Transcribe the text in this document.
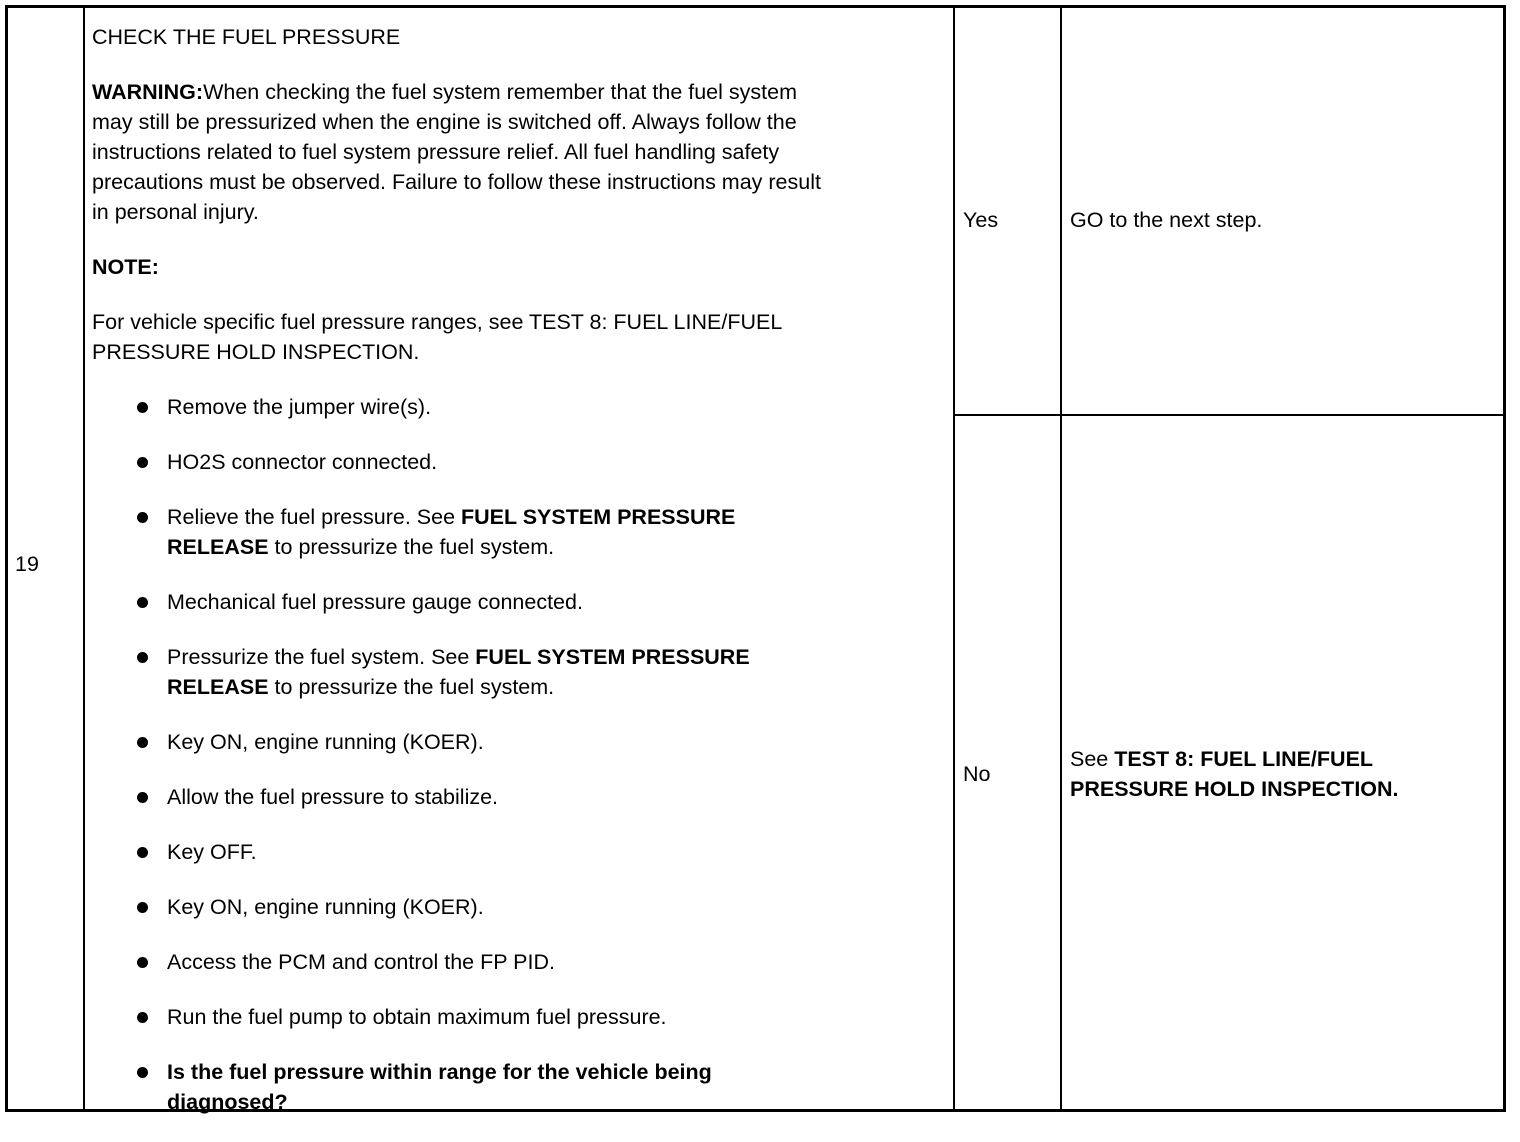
19
CHECK THE FUEL PRESSURE
WARNING:When checking the fuel system remember that the fuel system
may still be pressurized when the engine is switched off. Always follow the
instructions related to fuel system pressure relief. All fuel handling safety
precautions must be observed. Failure to follow these instructions may result
in personal injury.
NOTE:
For vehicle specific fuel pressure ranges, see TEST 8: FUEL LINE/FUEL
PRESSURE HOLD INSPECTION.
Remove the jumper wire(s).
HO2S connector connected.
Relieve the fuel pressure. See FUEL SYSTEM PRESSURE
RELEASE to pressurize the fuel system.
Mechanical fuel pressure gauge connected.
Pressurize the fuel system. See FUEL SYSTEM PRESSURE
RELEASE to pressurize the fuel system.
Key ON, engine running (KOER).
Allow the fuel pressure to stabilize.
Key OFF.
Key ON, engine running (KOER).
Access the PCM and control the FP PID.
Run the fuel pump to obtain maximum fuel pressure.
Is the fuel pressure within range for the vehicle being
diagnosed?
Yes	GO to the next step.
No
See TEST 8: FUEL LINE/FUEL
PRESSURE HOLD INSPECTION.
